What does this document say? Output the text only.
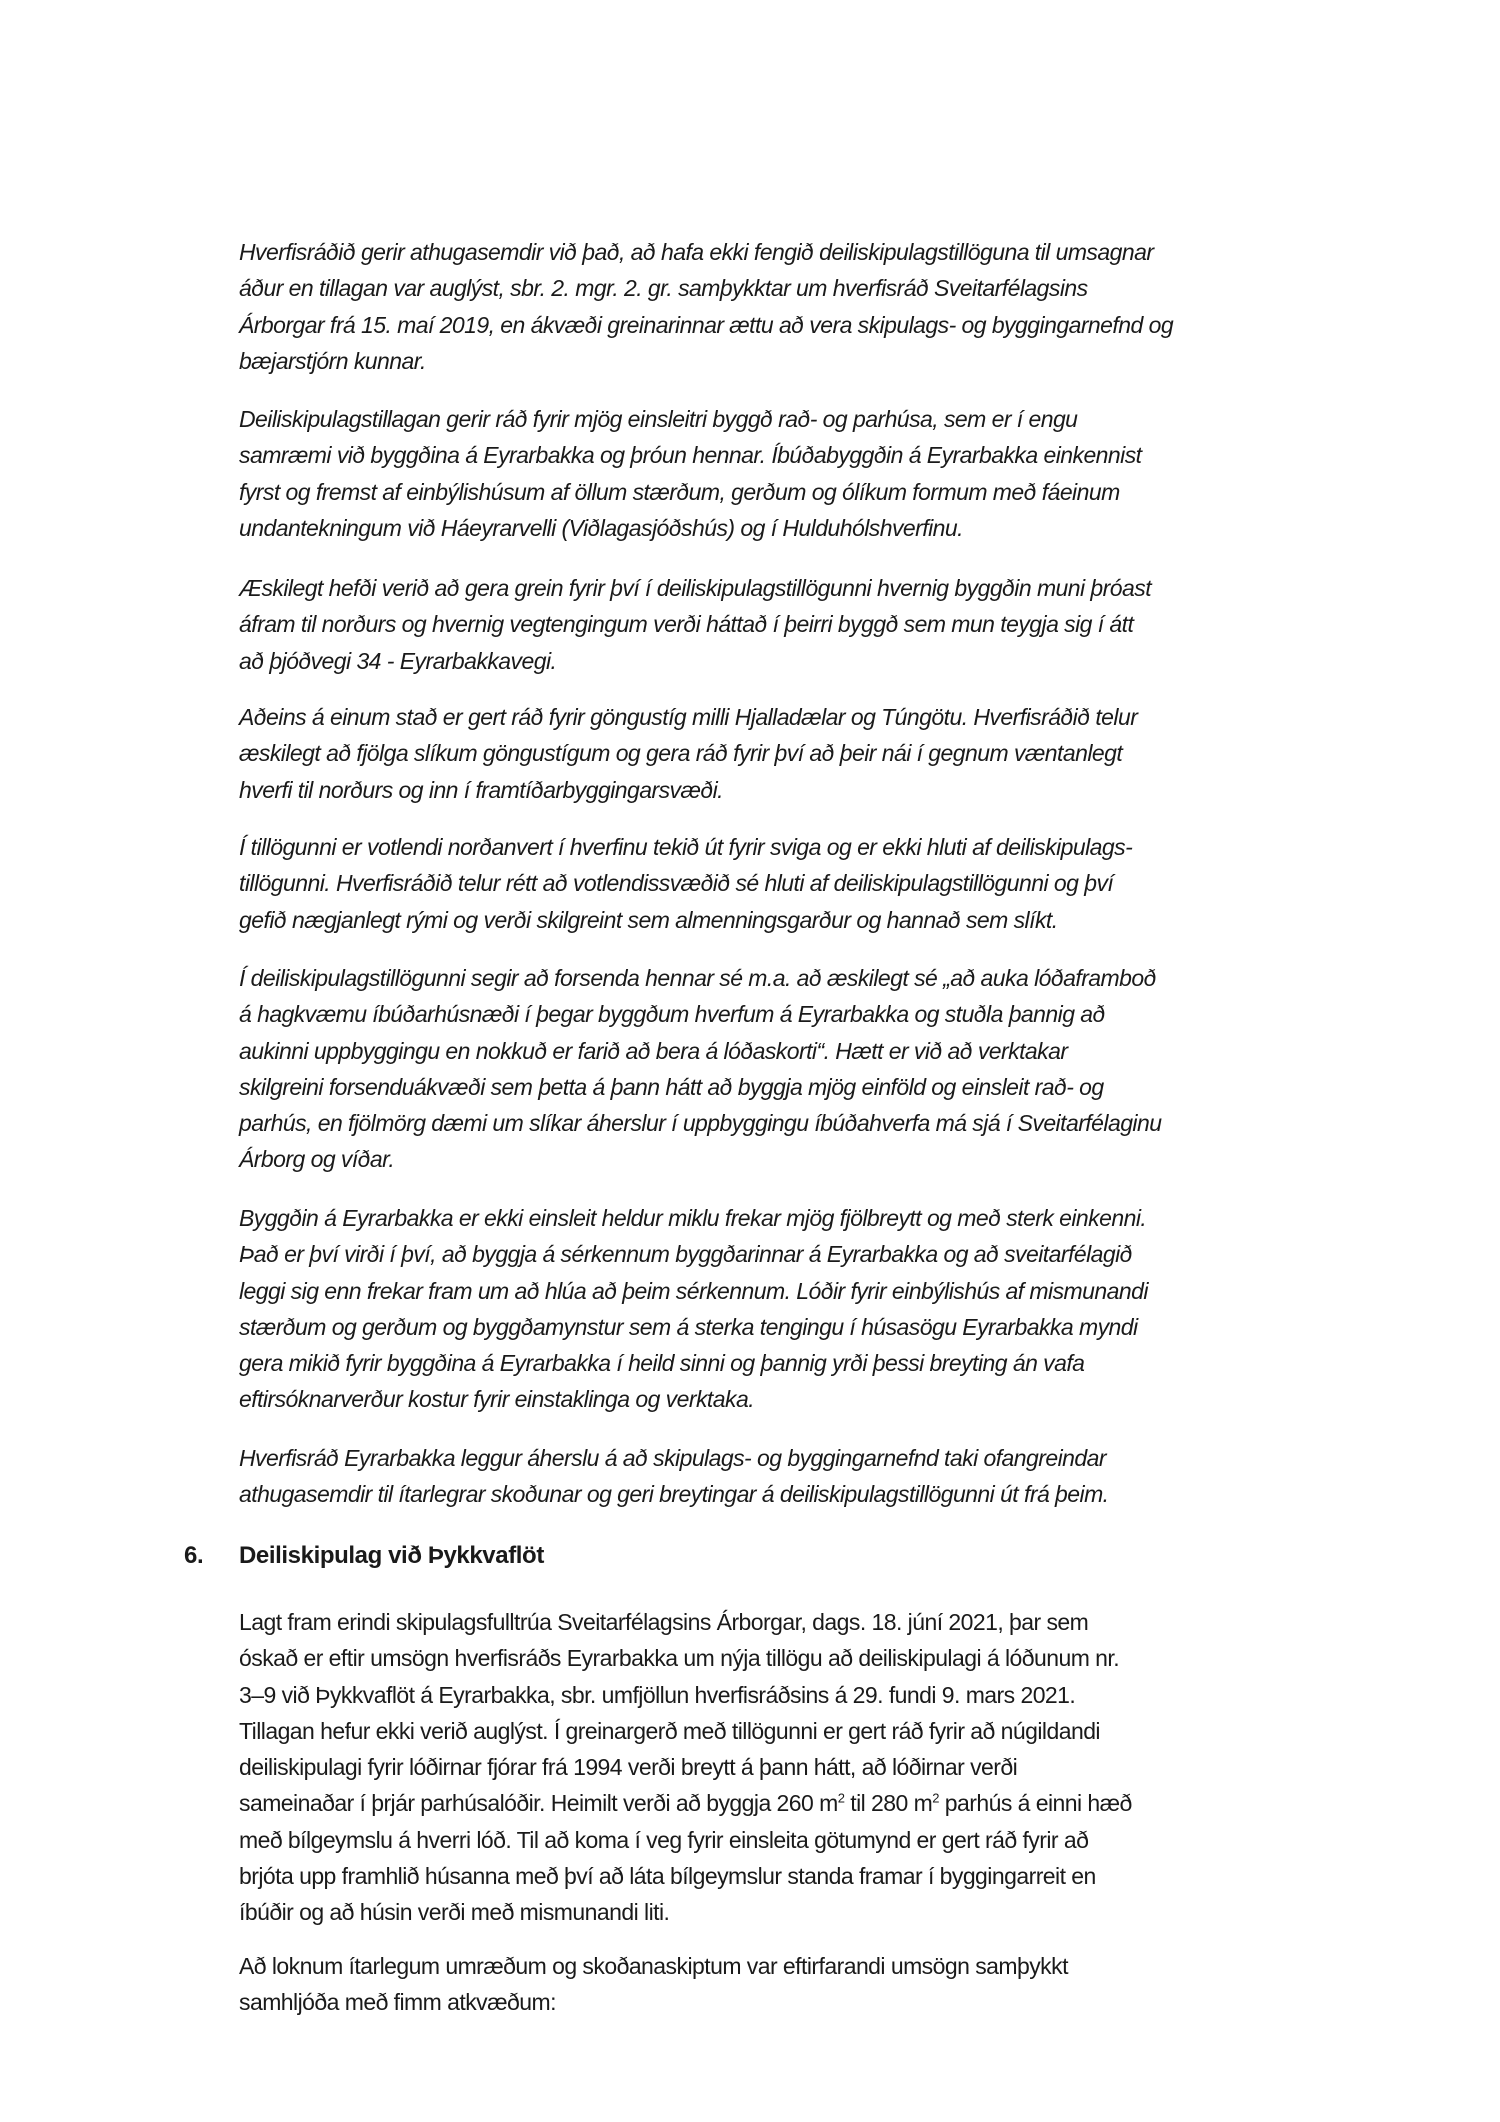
Hverfisráðið gerir athugasemdir við það, að hafa ekki fengið deiliskipulagstillöguna til umsagnar
áður en tillagan var auglýst, sbr. 2. mgr. 2. gr. samþykktar um hverfisráð Sveitarfélagsins
Árborgar frá 15. maí 2019, en ákvæði greinarinnar ættu að vera skipulags- og byggingarnefnd og
bæjarstjórn kunnar.
Deiliskipulagstillagan gerir ráð fyrir mjög einsleitri byggð rað- og parhúsa, sem er í engu
samræmi við byggðina á Eyrarbakka og þróun hennar. Íbúðabyggðin á Eyrarbakka einkennist
fyrst og fremst af einbýlishúsum af öllum stærðum, gerðum og ólíkum formum með fáeinum
undantekningum við Háeyrarvelli (Viðlagasjóðshús) og í Hulduhólshverfinu.
Æskilegt hefði verið að gera grein fyrir því í deiliskipulagstillögunni hvernig byggðin muni þróast
áfram til norðurs og hvernig vegtengingum verði háttað í þeirri byggð sem mun teygja sig í átt
að þjóðvegi 34 - Eyrarbakkavegi.
Aðeins á einum stað er gert ráð fyrir göngustíg milli Hjalladælar og Túngötu. Hverfisráðið telur
æskilegt að fjölga slíkum göngustígum og gera ráð fyrir því að þeir nái í gegnum væntanlegt
hverfi til norðurs og inn í framtíðarbyggingarsvæði.
Í tillögunni er votlendi norðanvert í hverfinu tekið út fyrir sviga og er ekki hluti af deiliskipulags-
tillögunni. Hverfisráðið telur rétt að votlendissvæðið sé hluti af deiliskipulagstillögunni og því
gefið nægjanlegt rými og verði skilgreint sem almenningsgarður og hannað sem slíkt.
Í deiliskipulagstillögunni segir að forsenda hennar sé m.a. að æskilegt sé „að auka lóðaframboð
á hagkvæmu íbúðarhúsnæði í þegar byggðum hverfum á Eyrarbakka og stuðla þannig að
aukinni uppbyggingu en nokkuð er farið að bera á lóðaskorti“. Hætt er við að verktakar
skilgreini forsenduákvæði sem þetta á þann hátt að byggja mjög einföld og einsleit rað- og
parhús, en fjölmörg dæmi um slíkar áherslur í uppbyggingu íbúðahverfa má sjá í Sveitarfélaginu
Árborg og víðar.
Byggðin á Eyrarbakka er ekki einsleit heldur miklu frekar mjög fjölbreytt og með sterk einkenni.
Það er því virði í því, að byggja á sérkennum byggðarinnar á Eyrarbakka og að sveitarfélagið
leggi sig enn frekar fram um að hlúa að þeim sérkennum. Lóðir fyrir einbýlishús af mismunandi
stærðum og gerðum og byggðamynstur sem á sterka tengingu í húsasögu Eyrarbakka myndi
gera mikið fyrir byggðina á Eyrarbakka í heild sinni og þannig yrði þessi breyting án vafa
eftirsóknarverður kostur fyrir einstaklinga og verktaka.
Hverfisráð Eyrarbakka leggur áherslu á að skipulags- og byggingarnefnd taki ofangreindar
athugasemdir til ítarlegrar skoðunar og geri breytingar á deiliskipulagstillögunni út frá þeim.
6. Deiliskipulag við Þykkvaflöt
Lagt fram erindi skipulagsfulltrúa Sveitarfélagsins Árborgar, dags. 18. júní 2021, þar sem
óskað er eftir umsögn hverfisráðs Eyrarbakka um nýja tillögu að deiliskipulagi á lóðunum nr.
3–9 við Þykkvaflöt á Eyrarbakka, sbr. umfjöllun hverfisráðsins á 29. fundi 9. mars 2021.
Tillagan hefur ekki verið auglýst. Í greinargerð með tillögunni er gert ráð fyrir að núgildandi
deiliskipulagi fyrir lóðirnar fjórar frá 1994 verði breytt á þann hátt, að lóðirnar verði
sameinaðar í þrjár parhúsalóðir. Heimilt verði að byggja 260 $m^2$ til 280 $m^2$ parhús á einni hæð
með bílgeymslu á hverri lóð. Til að koma í veg fyrir einsleita götumynd er gert ráð fyrir að
brjóta upp framhlið húsanna með því að láta bílgeymslur standa framar í byggingarreit en
íbúðir og að húsin verði með mismunandi liti.
Að loknum ítarlegum umræðum og skoðanaskiptum var eftirfarandi umsögn samþykkt
samhljóða með fimm atkvæðum:
